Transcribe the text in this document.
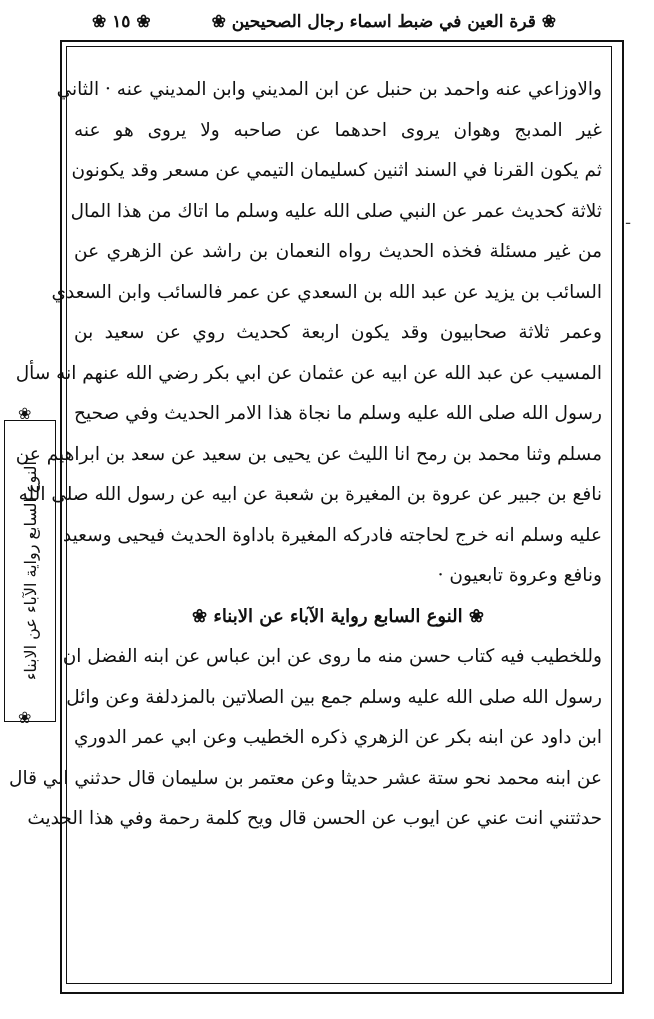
❀ قرة العين في ضبط اسماء رجال الصحيحين ❀
❀ ١٥ ❀
والاوزاعي عنه واحمد بن حنبل عن ابن المديني وابن المديني عنه · الثاني
غير المدبج وهوان يروى احدهما عن صاحبه ولا يروى هو عنه
ثم يكون القرنا في السند اثنين كسليمان التيمي عن مسعر وقد يكونون
ثلاثة كحديث عمر عن النبي صلى الله عليه وسلم ما اتاك من هذا المال
من غير مسئلة فخذه الحديث رواه النعمان بن راشد عن الزهري عن
السائب بن يزيد عن عبد الله بن السعدي عن عمر فالسائب وابن السعدي
وعمر ثلاثة صحابيون وقد يكون اربعة كحديث روي عن سعيد بن
المسيب عن عبد الله عن ابيه عن عثمان عن ابي بكر رضي الله عنهم انه سأل
رسول الله صلى الله عليه وسلم ما نجاة هذا الامر الحديث وفي صحيح
مسلم وثنا محمد بن رمح انا الليث عن يحيى بن سعيد عن سعد بن ابراهيم عن
نافع بن جبير عن عروة بن المغيرة بن شعبة عن ابيه عن رسول الله صلى الله
عليه وسلم انه خرج لحاجته فادركه المغيرة باداوة الحديث فيحيى وسعيد
ونافع وعروة تابعيون ·
❀ النوع السابع رواية الآباء عن الابناء ❀
وللخطيب فيه كتاب حسن منه ما روى عن ابن عباس عن ابنه الفضل ان
رسول الله صلى الله عليه وسلم جمع بين الصلاتين بالمزدلفة وعن وائل
ابن داود عن ابنه بكر عن الزهري ذكره الخطيب وعن ابي عمر الدوري
عن ابنه محمد نحو ستة عشر حديثا وعن معتمر بن سليمان قال حدثني ابي قال
حدثتني انت عني عن ايوب عن الحسن قال ويح كلمة رحمة وفي هذا الحديث
❀
النوع السابع رواية الآباء عن الابناء
❀
ـ
